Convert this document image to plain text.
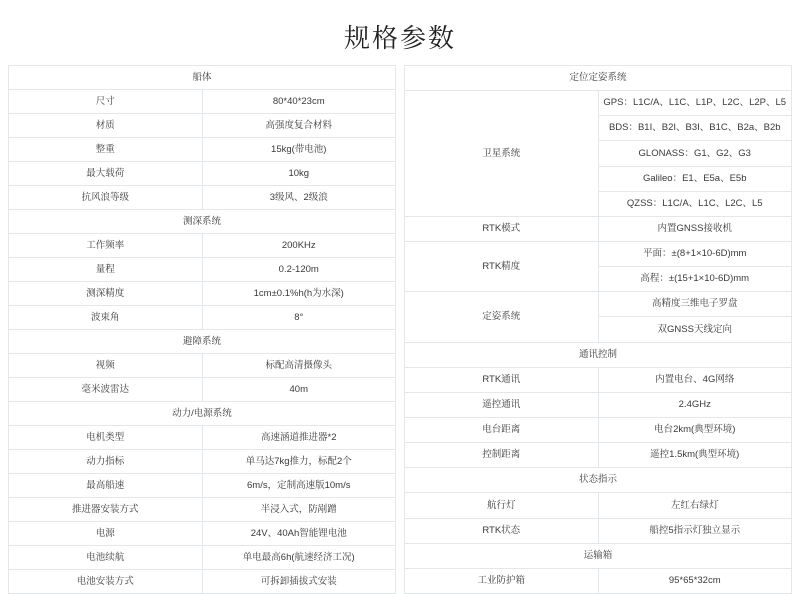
规格参数
船体	
尺寸	80*40*23cm
材质	高强度复合材料
整重	15kg(带电池)
最大载荷	10kg
抗风浪等级	3级风、2级浪
测深系统	
工作频率	200KHz
量程	0.2-120m
测深精度	1cm±0.1%h(h为水深)
波束角	8°
避障系统	
视频	标配高清摄像头
毫米波雷达	40m
动力/电源系统	
电机类型	高速涵道推进器*2
动力指标	单马达7kg推力，标配2个
最高船速	6m/s，定制高速版10m/s
推进器安装方式	半浸入式，防剐蹭
电源	24V、40Ah智能锂电池
电池续航	单电最高6h(航速经济工况)
电池安装方式	可拆卸插拔式安装
定位定姿系统	
卫星系统	GPS：L1C/A、L1C、L1P、L2C、L2P、L5
	BDS：B1I、B2I、B3I、B1C、B2a、B2b
	GLONASS：G1、G2、G3
	Galileo：E1、E5a、E5b
	QZSS：L1C/A、L1C、L2C、L5
RTK模式	内置GNSS接收机
RTK精度	平面：±(8+1×10-6D)mm
	高程：±(15+1×10-6D)mm
定姿系统	高精度三维电子罗盘
	双GNSS天线定向
通讯控制	
RTK通讯	内置电台、4G网络
遥控通讯	2.4GHz
电台距离	电台2km(典型环境)
控制距离	遥控1.5km(典型环境)
状态指示	
航行灯	左红右绿灯
RTK状态	船控5指示灯独立显示
运输箱	
工业防护箱	95*65*32cm
